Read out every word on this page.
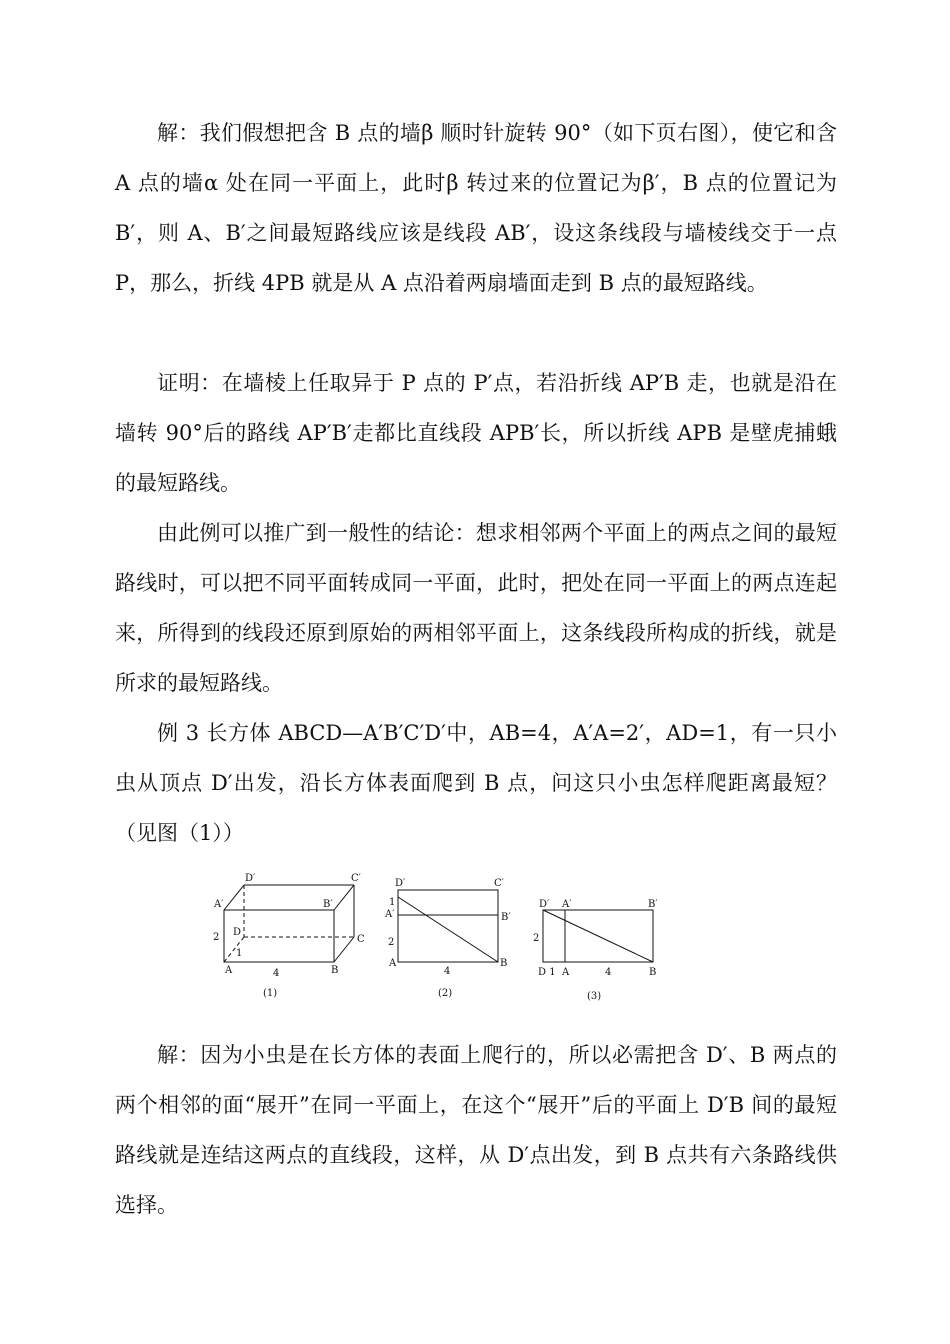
解：我们假想把含 B 点的墙β 顺时针旋转 90°（如下页右图），使它和含 A 点的墙α 处在同一平面上，此时β 转过来的位置记为β′，B 点的位置记为 B′，则 A、B′之间最短路线应该是线段 AB′，设这条线段与墙棱线交于一点 P，那么，折线 4PB 就是从 A 点沿着两扇墙面走到 B 点的最短路线。

证明：在墙棱上任取异于 P 点的 P′点，若沿折线 AP′B 走，也就是沿在墙转 90°后的路线 AP′B′走都比直线段 APB′长，所以折线 APB 是壁虎捕蛾的最短路线。

由此例可以推广到一般性的结论：想求相邻两个平面上的两点之间的最短路线时，可以把不同平面转成同一平面，此时，把处在同一平面上的两点连起来，所得到的线段还原到原始的两相邻平面上，这条线段所构成的折线，就是所求的最短路线。

例 3 长方体 ABCD—A′B′C′D′中，AB=4，A′A=2′，AD=1，有一只小虫从顶点 D′出发，沿长方体表面爬到 B 点，问这只小虫怎样爬距离最短？（见图（1））

D′	C′
A′	B′
D
C
A	B
2
1
4
(1)
D′	C′
1
A′	B′
2
A	B
4
(2)
D′ A′	B′
2
D 1 A	4	B
(3)

解：因为小虫是在长方体的表面上爬行的，所以必需把含 D′、B 两点的两个相邻的面“展开”在同一平面上，在这个“展开”后的平面上 D′B 间的最短路线就是连结这两点的直线段，这样，从 D′点出发，到 B 点共有六条路线供选择。
